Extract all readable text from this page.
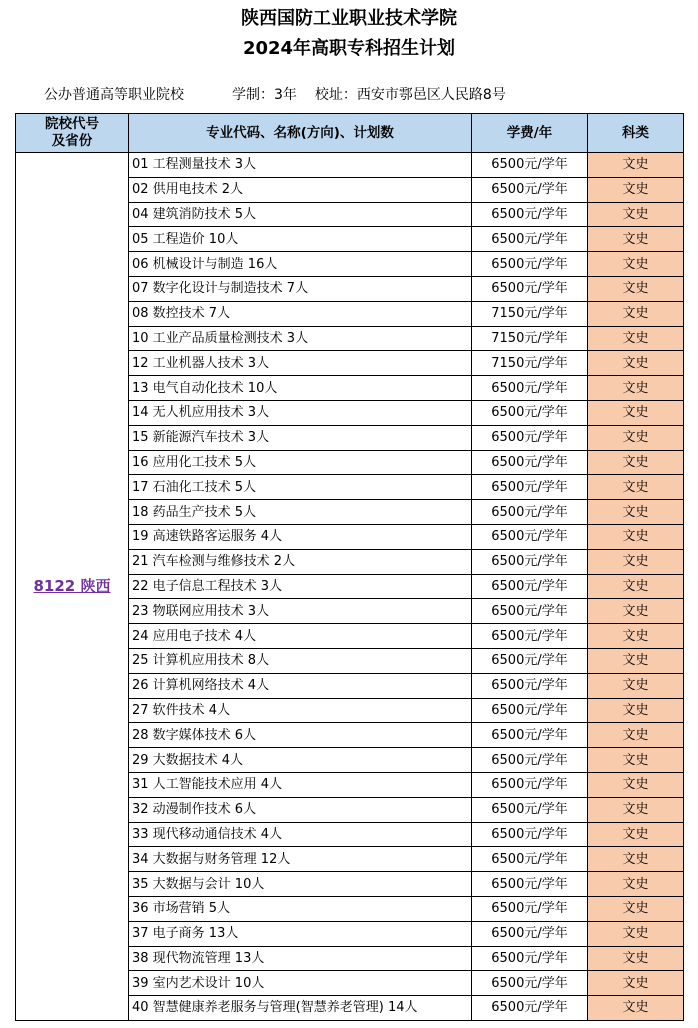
陕西国防工业职业技术学院
2024年高职专科招生计划
公办普通高等职业院校	学制：3年 校址：西安市鄠邑区人民路8号
院校代号
及省份	专业代码、名称(方向)、计划数	学费/年	科类
8122 陕西	01 工程测量技术 3人	6500元/学年	文史
	02 供用电技术 2人	6500元/学年	文史
	04 建筑消防技术 5人	6500元/学年	文史
	05 工程造价 10人	6500元/学年	文史
	06 机械设计与制造 16人	6500元/学年	文史
	07 数字化设计与制造技术 7人	6500元/学年	文史
	08 数控技术 7人	7150元/学年	文史
	10 工业产品质量检测技术 3人	7150元/学年	文史
	12 工业机器人技术 3人	7150元/学年	文史
	13 电气自动化技术 10人	6500元/学年	文史
	14 无人机应用技术 3人	6500元/学年	文史
	15 新能源汽车技术 3人	6500元/学年	文史
	16 应用化工技术 5人	6500元/学年	文史
	17 石油化工技术 5人	6500元/学年	文史
	18 药品生产技术 5人	6500元/学年	文史
	19 高速铁路客运服务 4人	6500元/学年	文史
	21 汽车检测与维修技术 2人	6500元/学年	文史
	22 电子信息工程技术 3人	6500元/学年	文史
	23 物联网应用技术 3人	6500元/学年	文史
	24 应用电子技术 4人	6500元/学年	文史
	25 计算机应用技术 8人	6500元/学年	文史
	26 计算机网络技术 4人	6500元/学年	文史
	27 软件技术 4人	6500元/学年	文史
	28 数字媒体技术 6人	6500元/学年	文史
	29 大数据技术 4人	6500元/学年	文史
	31 人工智能技术应用 4人	6500元/学年	文史
	32 动漫制作技术 6人	6500元/学年	文史
	33 现代移动通信技术 4人	6500元/学年	文史
	34 大数据与财务管理 12人	6500元/学年	文史
	35 大数据与会计 10人	6500元/学年	文史
	36 市场营销 5人	6500元/学年	文史
	37 电子商务 13人	6500元/学年	文史
	38 现代物流管理 13人	6500元/学年	文史
	39 室内艺术设计 10人	6500元/学年	文史
	40 智慧健康养老服务与管理(智慧养老管理) 14人	6500元/学年	文史
